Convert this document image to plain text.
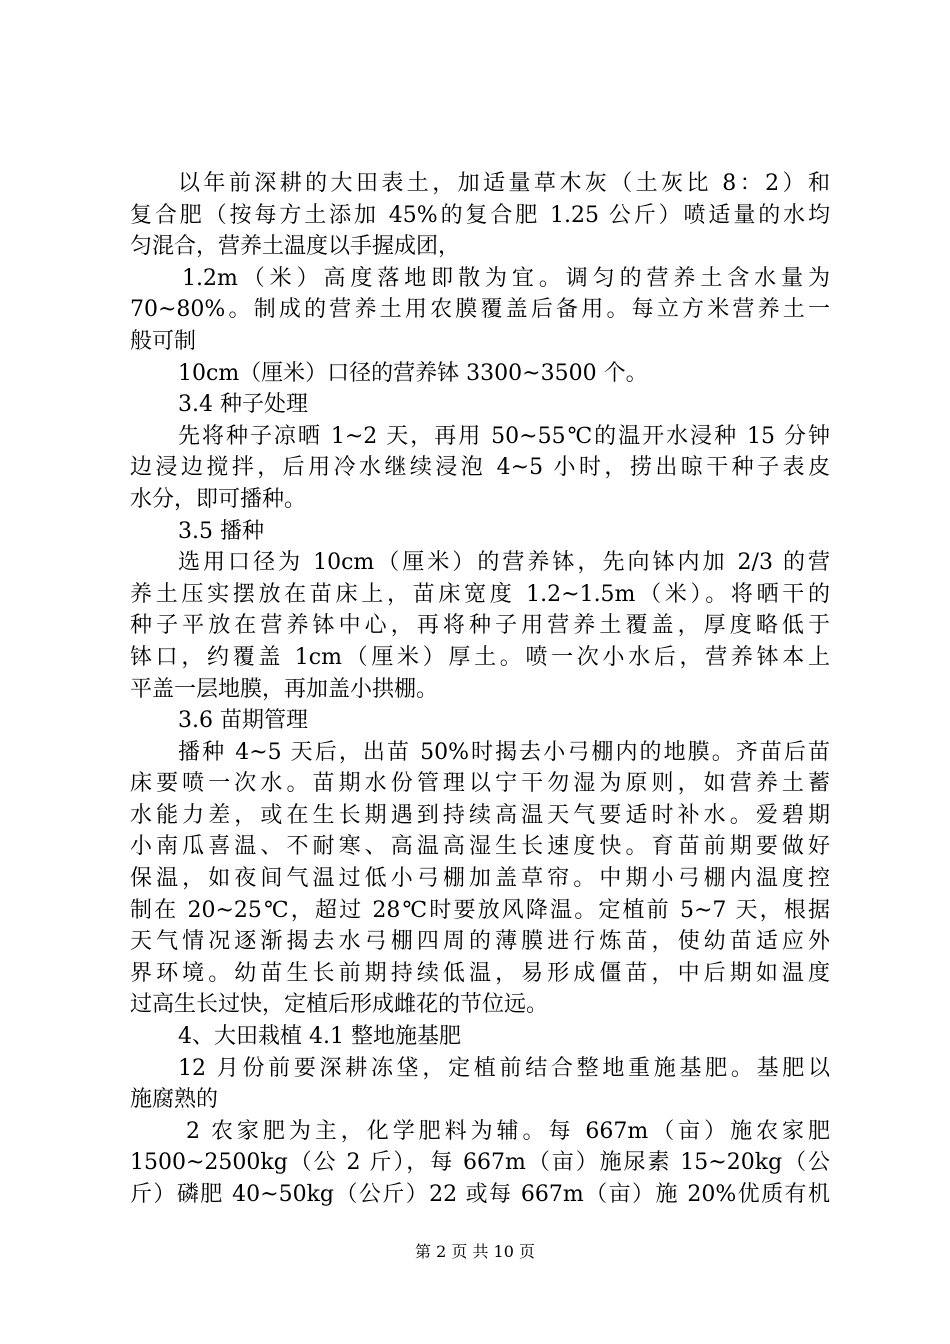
以年前深耕的大田表土，加适量草木灰（土灰比 8：2）和
复合肥（按每方土添加 45%的复合肥 1.25 公斤）喷适量的水均
匀混合，营养土温度以手握成团，
1.2m（米）高度落地即散为宜。调匀的营养土含水量为
70~80%。制成的营养土用农膜覆盖后备用。每立方米营养土一
般可制
10cm（厘米）口径的营养钵 3300~3500 个。
3.4 种子处理
先将种子凉晒 1~2 天，再用 50~55℃的温开水浸种 15 分钟
边浸边搅拌，后用冷水继续浸泡 4~5 小时，捞出晾干种子表皮
水分，即可播种。
3.5 播种
选用口径为 10cm（厘米）的营养钵，先向钵内加 2/3 的营
养土压实摆放在苗床上，苗床宽度 1.2~1.5m（米）。将晒干的
种子平放在营养钵中心，再将种子用营养土覆盖，厚度略低于
钵口，约覆盖 1cm（厘米）厚土。喷一次小水后，营养钵本上
平盖一层地膜，再加盖小拱棚。
3.6 苗期管理
播种 4~5 天后，出苗 50%时揭去小弓棚内的地膜。齐苗后苗
床要喷一次水。苗期水份管理以宁干勿湿为原则，如营养土蓄
水能力差，或在生长期遇到持续高温天气要适时补水。爱碧期
小南瓜喜温、不耐寒、高温高湿生长速度快。育苗前期要做好
保温，如夜间气温过低小弓棚加盖草帘。中期小弓棚内温度控
制在 20~25℃，超过 28℃时要放风降温。定植前 5~7 天，根据
天气情况逐渐揭去水弓棚四周的薄膜进行炼苗，使幼苗适应外
界环境。幼苗生长前期持续低温，易形成僵苗，中后期如温度
过高生长过快，定植后形成雌花的节位远。
4、大田栽植 4.1 整地施基肥
12 月份前要深耕冻垡，定植前结合整地重施基肥。基肥以
施腐熟的
2 农家肥为主，化学肥料为辅。每 667m（亩）施农家肥
1500~2500kg（公 2 斤），每 667m（亩）施尿素 15~20kg（公
斤）磷肥 40~50kg（公斤）22 或每 667m（亩）施 20%优质有机
第 2 页 共 10 页
